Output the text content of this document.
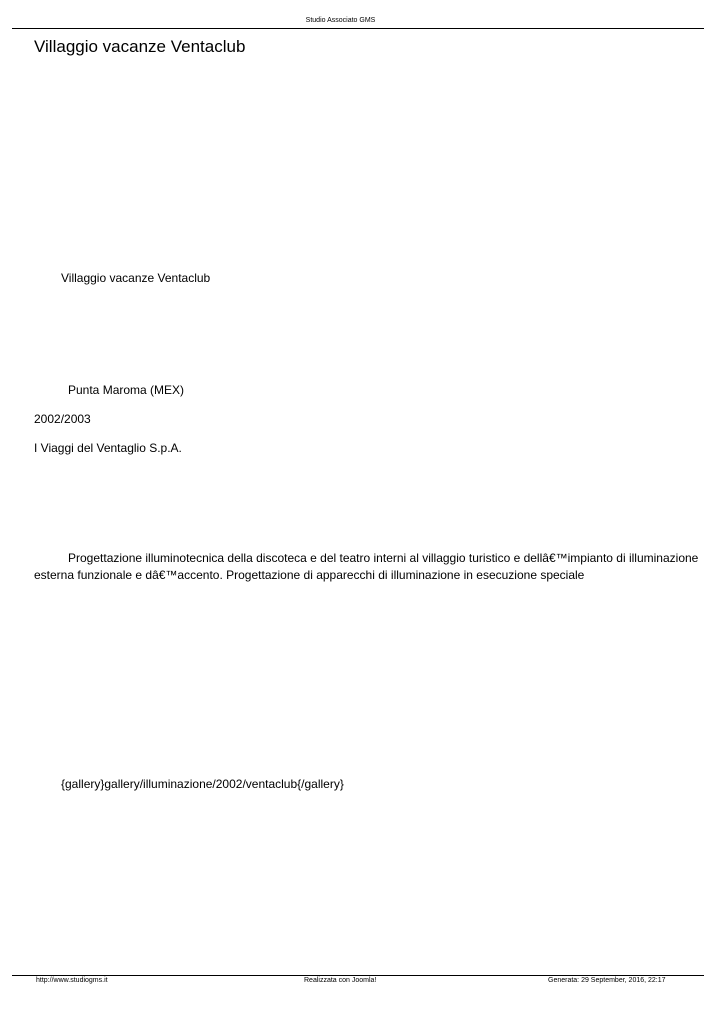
Studio Associato GMS
Villaggio vacanze Ventaclub
Villaggio vacanze Ventaclub
Punta Maroma (MEX)
2002/2003
I Viaggi del Ventaglio S.p.A.
Progettazione illuminotecnica della discoteca e del teatro interni al villaggio turistico e dellâ€™impianto di illuminazione
esterna funzionale e dâ€™accento. Progettazione di apparecchi di illuminazione in esecuzione speciale
{gallery}gallery/illuminazione/2002/ventaclub{/gallery}
http://www.studiogms.it	Realizzata con Joomla!	Generata: 29 September, 2016, 22:17
